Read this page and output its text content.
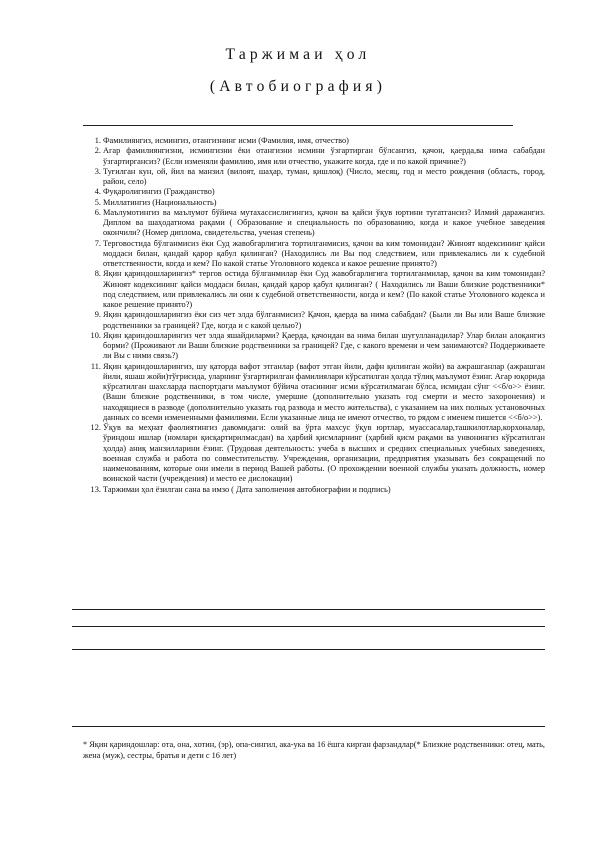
Таржимаи ҳол
(Автобиография)
1. Фамилиянгиз, исмингиз, отангизнинг исми (Фамилия, имя, отчество)
2. Агар фамилиянгизни, исмингизни ёки отангизни исмини ўзгартирган бўлсангиз, қачон, қаерда,ва нима сабабдан ўзгартиргансиз? (Если изменяли фамилию, имя или отчество, укажите когда, где и по какой причине?)
3. Туғилган кун, ой, йил ва манзил (вилоят, шаҳар, туман, қишлоқ) (Число, месяц, год и место рождения (область, город, район, село)
4. Фуқаролигингиз (Гражданство)
5. Миллатингиз (Национальность)
6. Маълумотингиз ва маълумот бўйича мутахассислигингиз, қачон ва қайси ўқув юртини тугатгансиз? Илмий даражангиз. Диплом ва шаҳодатнома рақами ( Образование и специальность по образованию, когда и какое учебное заведения окончили? (Номер диплома, свидетельства, ученая степень)
7. Терговостида бўлганмисиз ёки Суд жавобгарлигига тортилганмисиз, қачон ва ким томонидан? Жиноят кодексининг қайси моддаси билан, қандай қарор қабул қилинган? (Находились ли Вы под следствием, или привлекались ли к судебной ответственности, когда и кем? По какой статье Уголовного кодекса и какое решение принято?)
8. Яқин қариндошларингиз* тергов остида бўлганмилар ёки Суд жавобгарлигига тортилганмилар, қачон ва ким томонидан? Жиноят кодексининг қайси моддаси билан, қандай қарор қабул қилинган? ( Находились ли Ваши близкие родственники* под следствием, или привлекались ли они к судебной ответственности, когда и кем? (По какой статье Уголовного кодекса и какое решение принято?)
9. Яқин қариндошларингиз ёки сиз чет элда бўлганмисиз? Қачон, қаерда ва нима сабабдан? (Были ли Вы или Ваше близкие родственники за границей? Где, когда и с какой целью?)
10. Яқин қариндошларингиз чет элда яшайдиларми? Қаерда, қачондан ва нима билан шуғулланадилар? Улар билан алоқангиз борми? (Проживают ли Ваши близкие родственники за границей? Где, с какого времени и чем занимаются? Поддерживаете ли Вы с ними связь?)
11. Яқин қариндошларингиз, шу қаторда вафот этганлар (вафот этган йили, дафн қилинган жойи) ва ажрашганлар (ажрашган йили, яшаш жойи)тўғрисида, уларнинг ўзгартирилган фамилиялари кўрсатилган ҳолда тўлиқ маълумот ёзинг. Агар юқорида кўрсатилган шахсларда паспортдаги маълумот бўйича отасининг исми кўрсатилмаган бўлса, исмидан сўнг <<б/о>> ёзинг.(Ваши близкие родственники, в том числе, умершие (дополнительно указать год смерти и место захоронения) и находящиеся в разводе (дополнительно указать год развода и место жительства), с указанием на них полных установочных данных со всеми измененными фамилиями. Если указанные лица не имеют отчество, то рядом с именем пишется <<б/о>>).
12. Ўқув ва меҳнат фаолиятингиз давомидаги: олий ва ўрта махсус ўқув юртлар, муассасалар,ташкилотлар,корхоналар, ўриндош ишлар (номлари қисқартирилмасдан) ва ҳарбий қисмларнинг (ҳарбий қисм рақами ва унвонингиз кўрсатилган ҳолда) аниқ манзилларини ёзинг. (Трудовая деятельность: учеба в высших и средних специальных учебных заведениях, военная служба и работа по совместительству. Учреждения, организации, предприятия указывать без сокращений по наименованиям, которые они имели в период Вашей работы. (О прохождении военной службы указать должность, номер воинской части (учреждения) и место ее дислокации)
13. Таржимаи ҳол ёзилган сана ва имзо ( Дата заполнения автобиографии и подпись)

* Яқин қариндошлар: ота, она, хотин, (эр), опа-сингил, ака-ука ва 16 ёшга кирган фарзандлар(* Близкие родственники: отец, мать, жена (муж), сестры, братья и дети с 16 лет)
